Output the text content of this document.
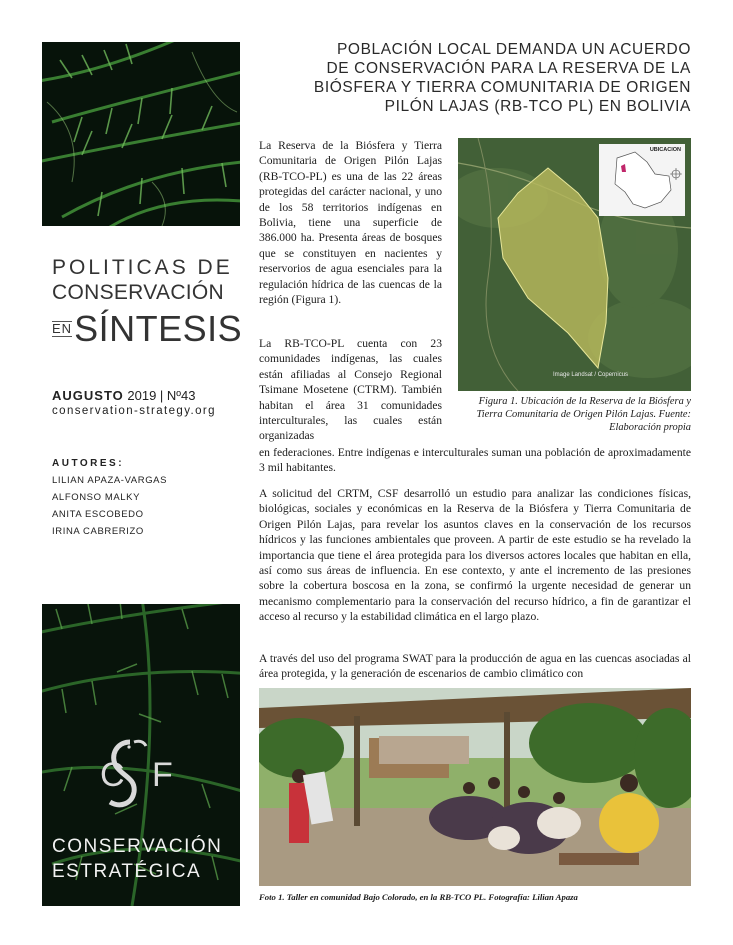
POLITICAS DE
CONSERVACIÓN
EN SÍNTESIS
AUGUSTO 2019 | Nº43
conservation-strategy.org
AUTORES:
LILIAN APAZA-VARGAS
ALFONSO MALKY
ANITA ESCOBEDO
IRINA CABRERIZO
C F
CONSERVACIÓN
ESTRATÉGICA
POBLACIÓN LOCAL DEMANDA UN ACUERDO
DE CONSERVACIÓN PARA LA RESERVA DE LA
BIÓSFERA Y TIERRA COMUNITARIA DE ORIGEN
PILÓN LAJAS (RB-TCO PL) EN BOLIVIA

La Reserva de la Biósfera y Tierra Comunitaria de Origen Pilón Lajas (RB-TCO-PL) es una de las 22 áreas protegidas del carácter nacional, y uno de los 58 territorios indígenas en Bolivia, tiene una superficie de 386.000 ha. Presenta áreas de bosques que se constituyen en nacientes y reservorios de agua esenciales para la regulación hídrica de las cuencas de la región (Figura 1).

La RB-TCO-PL cuenta con 23 comunidades indígenas, las cuales están afiliadas al Consejo Regional Tsimane Mosetene (CTRM). También habitan el área 31 comunidades interculturales, las cuales están organizadas

en federaciones. Entre indígenas e interculturales suman una población de aproximadamente 3 mil habitantes.

A solicitud del CRTM, CSF desarrolló un estudio para analizar las condiciones físicas, biológicas, sociales y económicas en la Reserva de la Biósfera y Tierra Comunitaria de Origen Pilón Lajas, para revelar los asuntos claves en la conservación de los recursos hídricos y las funciones ambientales que proveen. A partir de este estudio se ha revelado la importancia que tiene el área protegida para los diversos actores locales que habitan en ella, así como sus áreas de influencia. En ese contexto, y ante el incremento de las presiones sobre la cobertura boscosa en la zona, se confirmó la urgente necesidad de generar un mecanismo complementario para la conservación del recurso hídrico, a fin de garantizar el acceso al recurso y la estabilidad climática en el largo plazo.

A través del uso del programa SWAT para la producción de agua en las cuencas asociadas al área protegida, y la generación de escenarios de cambio climático con

UBICACION
Image Landsat / Copernicus

Figura 1. Ubicación de la Reserva de la Biósfera y Tierra Comunitaria de Origen Pilón Lajas. Fuente: Elaboración propia

Foto 1. Taller en comunidad Bajo Colorado, en la RB-TCO PL. Fotografía: Lilian Apaza
